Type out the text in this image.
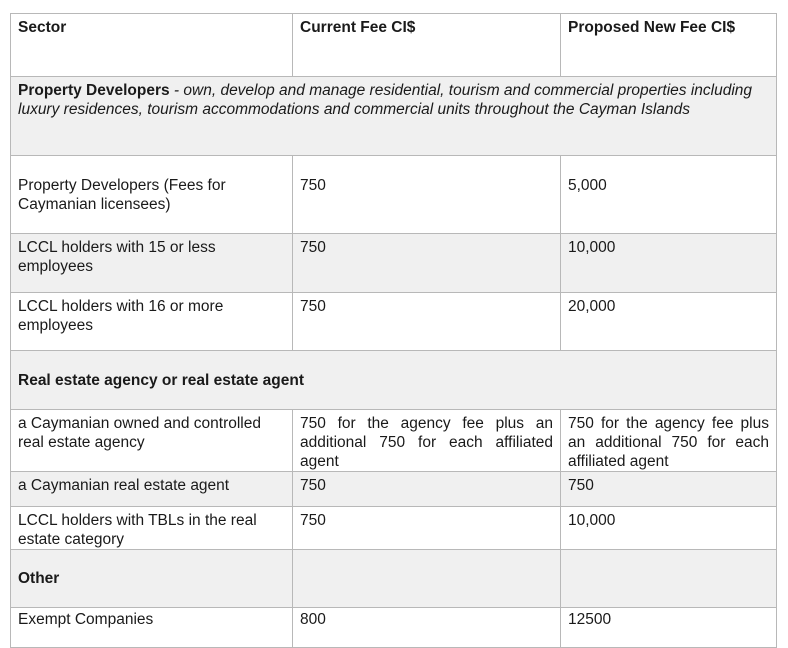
Sector	Current Fee CI$	Proposed New Fee CI$
Property Developers - own, develop and manage residential, tourism and commercial properties including luxury residences, tourism accommodations and commercial units throughout the Cayman Islands		
Property Developers (Fees for Caymanian licensees)	750	5,000
LCCL holders with 15 or less employees	750	10,000
LCCL holders with 16 or more employees	750	20,000
Real estate agency or real estate agent		
a Caymanian owned and controlled real estate agency	750 for the agency fee plus an additional 750 for each affiliated agent	750 for the agency fee plus an additional 750 for each affiliated agent
a Caymanian real estate agent	750	750
LCCL holders with TBLs in the real estate category	750	10,000
Other		
Exempt Companies	800	12500
